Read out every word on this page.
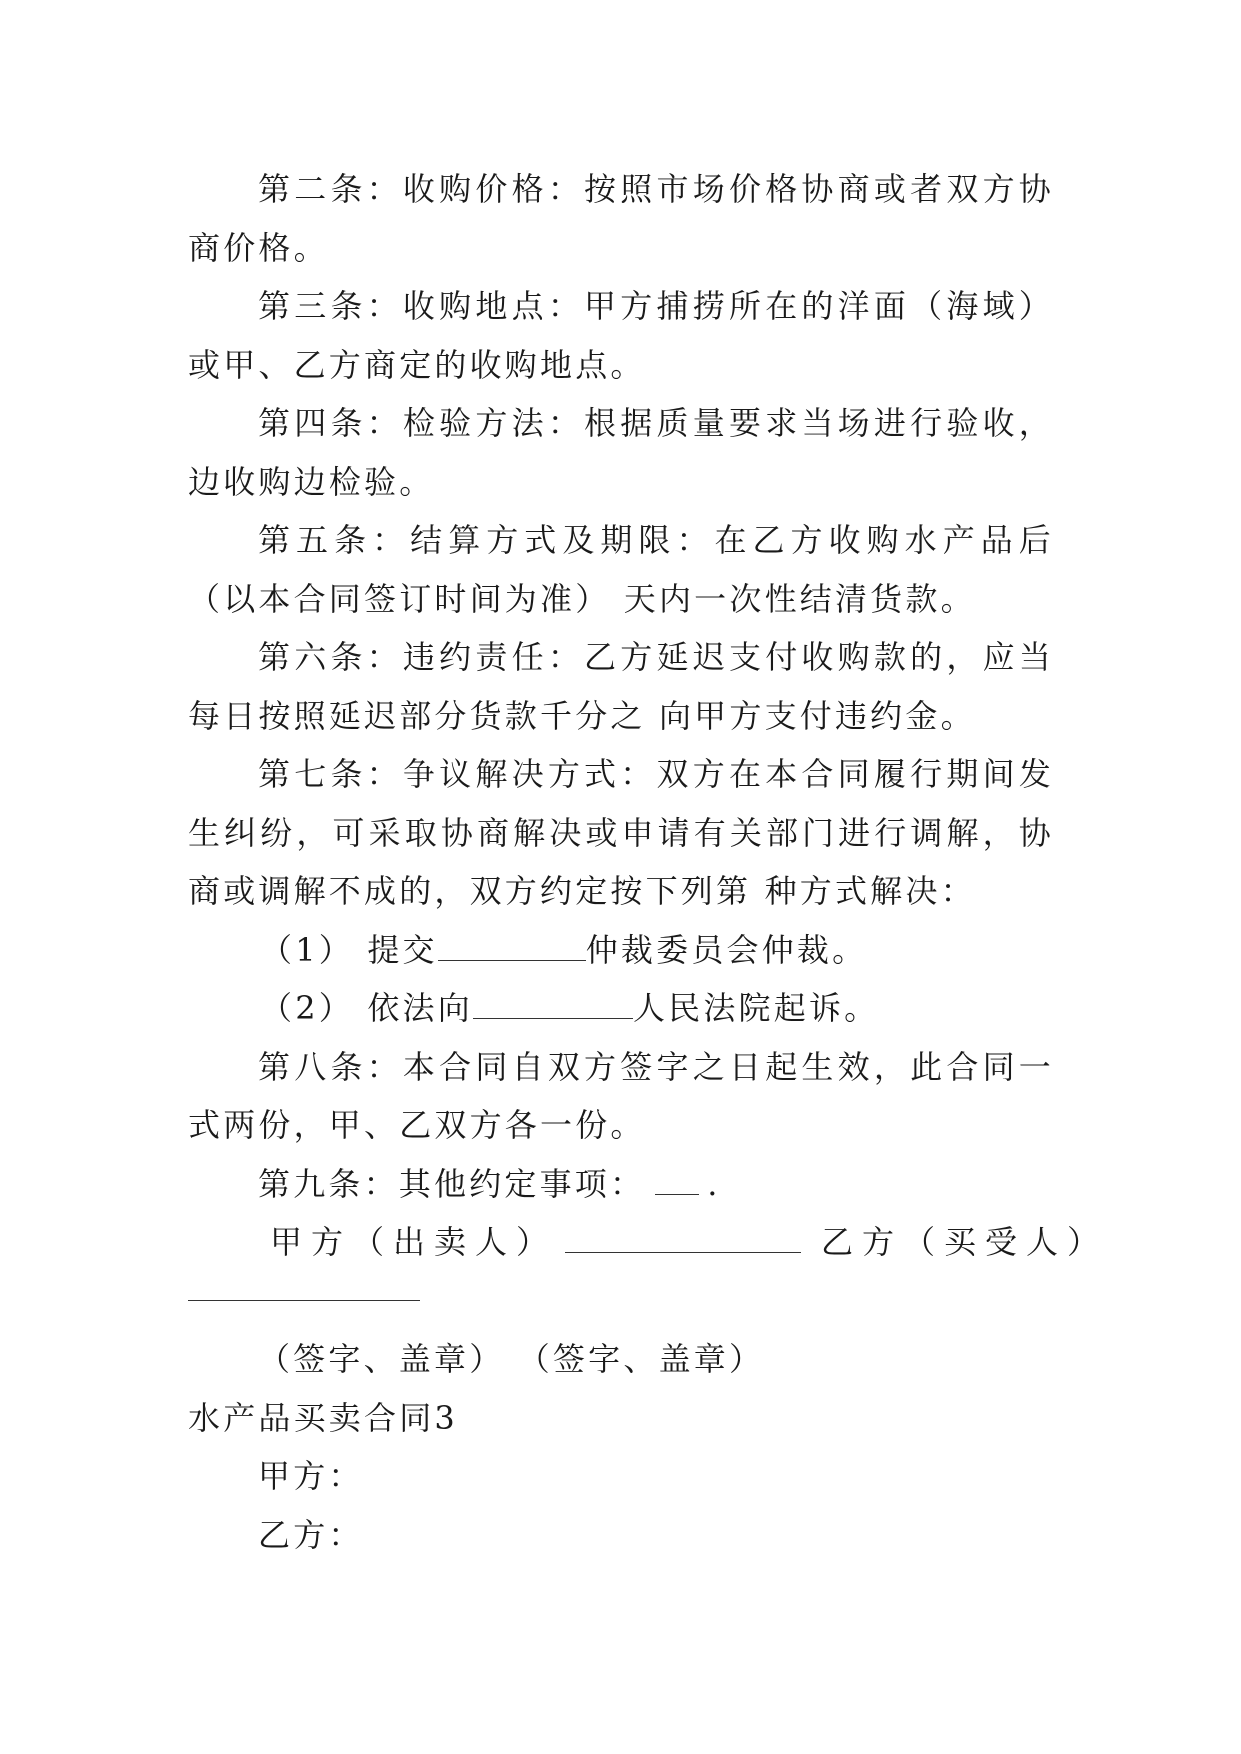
第二条：收购价格：按照市场价格协商或者双方协商价格。

第三条：收购地点：甲方捕捞所在的洋面（海域）或甲、乙方商定的收购地点。

第四条：检验方法：根据质量要求当场进行验收，边收购边检验。

第五条：结算方式及期限：在乙方收购水产品后（以本合同签订时间为准） 天内一次性结清货款。

第六条：违约责任：乙方延迟支付收购款的，应当每日按照延迟部分货款千分之 向甲方支付违约金。

第七条：争议解决方式：双方在本合同履行期间发生纠纷，可采取协商解决或申请有关部门进行调解，协商或调解不成的，双方约定按下列第 种方式解决：

（1） 提交	仲裁委员会仲裁。

（2） 依法向	人民法院起诉。

第八条：本合同自双方签字之日起生效，此合同一式两份，甲、乙双方各一份。

第九条：其他约定事项： .

甲方（出卖人）	乙方（买受人）

（签字、盖章） （签字、盖章）

水产品买卖合同3

甲方：

乙方：
